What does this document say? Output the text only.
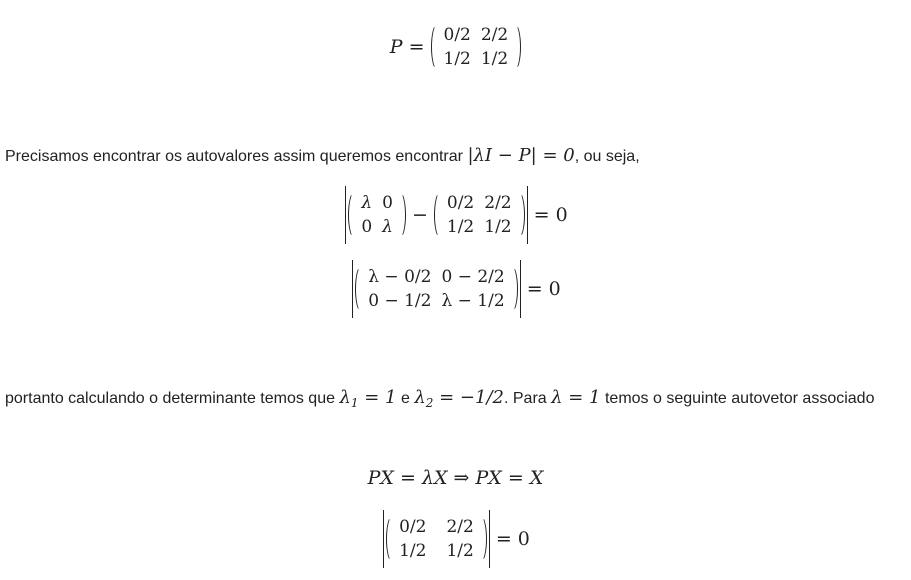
P =
0/2 2/2
1/2 1/2
Precisamos encontrar os autovalores assim queremos encontrar |λI − P| = 0, ou seja,
λ 0
0 λ
−
0/2 2/2
1/2 1/2
= 0
λ − 0/2 0 − 2/2
0 − 1/2 λ − 1/2
= 0
portanto calculando o determinante temos que $\lambda_1 = 1$ e $\lambda_2 = -1/2$. Para λ = 1 temos o seguinte autovetor associado
PX = λX ⇒ PX = X
0/2 2/2
1/2 1/2
= 0
